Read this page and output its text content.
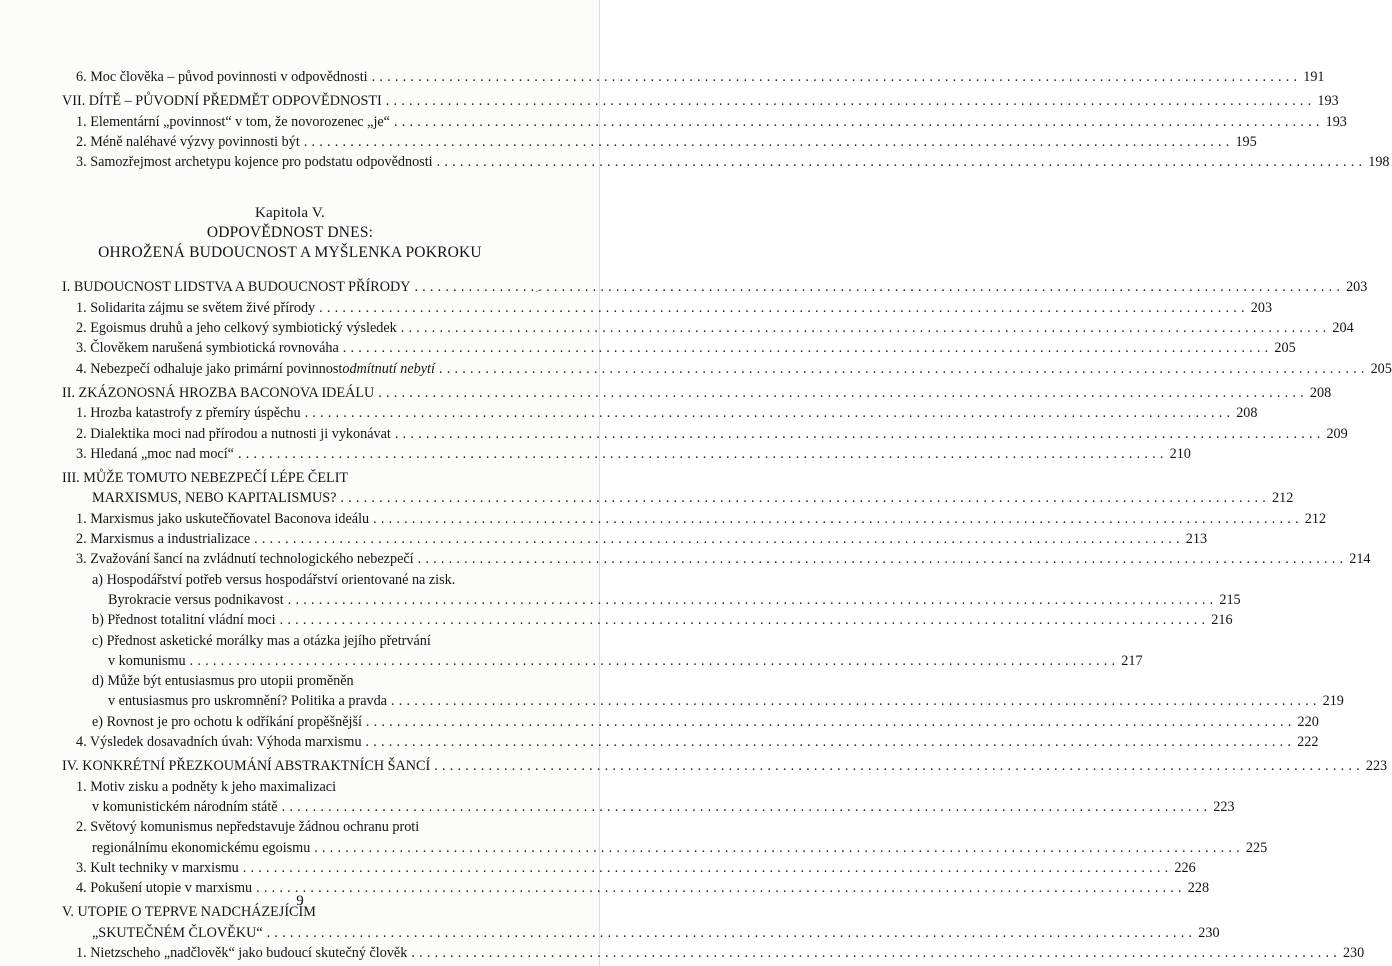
6. Moc člověka – původ povinnosti v odpovědnosti ........................................................................................................................ 191
VII. DÍTĚ – PŮVODNÍ PŘEDMĚT ODPOVĚDNOSTI ........................................................................................................................ 193
1. Elementární „povinnost“ v tom, že novorozenec „je“ ........................................................................................................................ 193
2. Méně naléhavé výzvy povinnosti být ........................................................................................................................ 195
3. Samozřejmost archetypu kojence pro podstatu odpovědnosti ........................................................................................................................ 198
Kapitola V.
ODPOVĚDNOST DNES:
OHROŽENÁ BUDOUCNOST A MYŠLENKA POKROKU
I. BUDOUCNOST LIDSTVA A BUDOUCNOST PŘÍRODY ........................................................................................................................ 203
1. Solidarita zájmu se světem živé přírody ........................................................................................................................ 203
2. Egoismus druhů a jeho celkový symbiotický výsledek ........................................................................................................................ 204
3. Člověkem narušená symbiotická rovnováha ........................................................................................................................ 205
4. Nebezpečí odhaluje jako primární povinnost odmítnutí nebytí ........................................................................................................................ 205
II. ZKÁZONOSNÁ HROZBA BACONOVA IDEÁLU ........................................................................................................................ 208
1. Hrozba katastrofy z přemíry úspěchu ........................................................................................................................ 208
2. Dialektika moci nad přírodou a nutnosti ji vykonávat ........................................................................................................................ 209
3. Hledaná „moc nad mocí“ ........................................................................................................................ 210
III. MŮŽE TOMUTO NEBEZPEČÍ LÉPE ČELIT
MARXISMUS, NEBO KAPITALISMUS? ........................................................................................................................ 212
1. Marxismus jako uskutečňovatel Baconova ideálu ........................................................................................................................ 212
2. Marxismus a industrializace ........................................................................................................................ 213
3. Zvažování šancí na zvládnutí technologického nebezpečí ........................................................................................................................ 214
a) Hospodářství potřeb versus hospodářství orientované na zisk.
Byrokracie versus podnikavost ........................................................................................................................ 215
b) Přednost totalitní vládní moci ........................................................................................................................ 216
c) Přednost asketické morálky mas a otázka jejího přetrvání
v komunismu ........................................................................................................................ 217
d) Může být entusiasmus pro utopii proměněn
v entusiasmus pro uskromnění? Politika a pravda ........................................................................................................................ 219
e) Rovnost je pro ochotu k odříkání propěšnější ........................................................................................................................ 220
4. Výsledek dosavadních úvah: Výhoda marxismu ........................................................................................................................ 222
IV. KONKRÉTNÍ PŘEZKOUMÁNÍ ABSTRAKTNÍCH ŠANCÍ ........................................................................................................................ 223
1. Motiv zisku a podněty k jeho maximalizaci
v komunistickém národním státě ........................................................................................................................ 223
2. Světový komunismus nepředstavuje žádnou ochranu proti
regionálnímu ekonomickému egoismu ........................................................................................................................ 225
3. Kult techniky v marxismu ........................................................................................................................ 226
4. Pokušení utopie v marxismu ........................................................................................................................ 228
V. UTOPIE O TEPRVE NADCHÁZEJÍCÍM
„SKUTEČNÉM ČLOVĚKU“ ........................................................................................................................ 230
1. Nietzscheho „nadčlověk“ jako budoucí skutečný člověk ........................................................................................................................ 230
9
